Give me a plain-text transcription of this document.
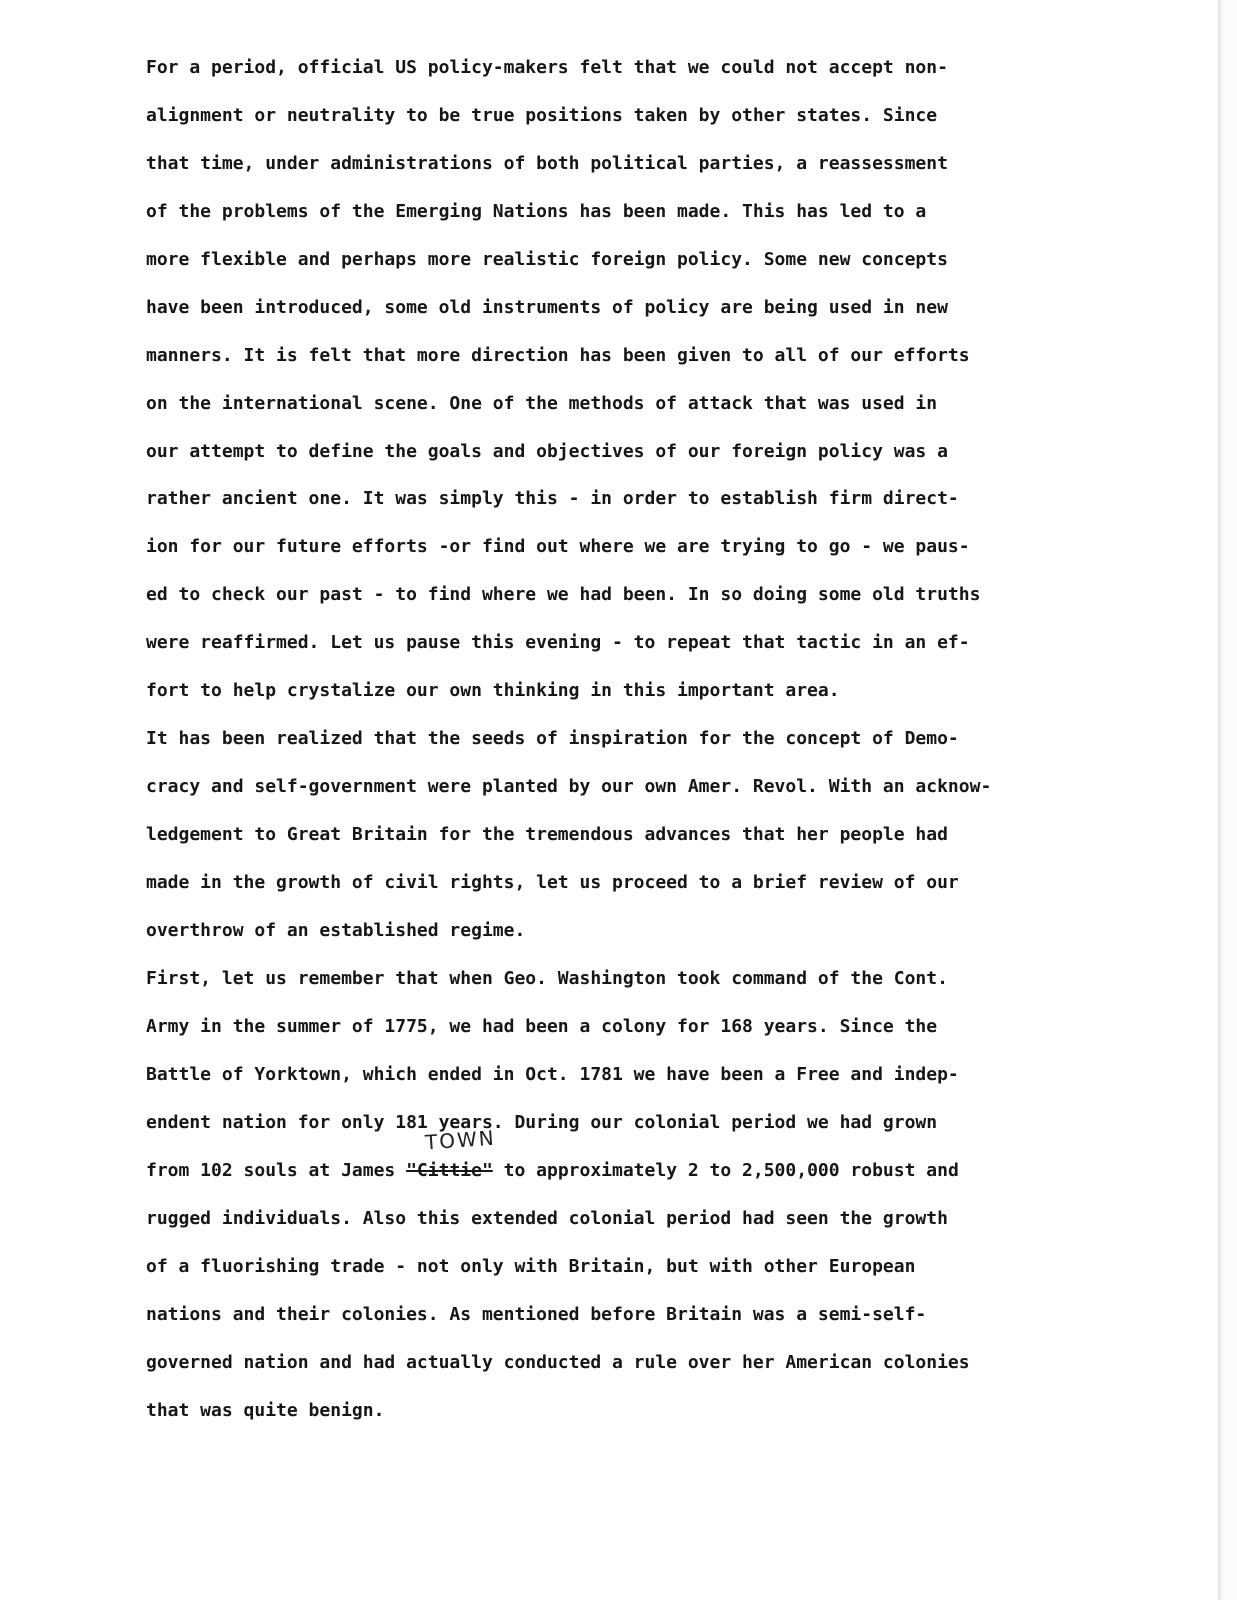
For a period, official US policy-makers felt that we could not accept non-

alignment or neutrality to be true positions taken by other states. Since

that time, under administrations of both political parties, a reassessment

of the problems of the Emerging Nations has been made. This has led to a

more flexible and perhaps more realistic foreign policy. Some new concepts

have been introduced, some old instruments of policy are being used in new

manners. It is felt that more direction has been given to all of our efforts

on the international scene. One of the methods of attack that was used in

our attempt to define the goals and objectives of our foreign policy was a

rather ancient one. It was simply this - in order to establish firm direct-

ion for our future efforts -or find out where we are trying to go - we paus-

ed to check our past - to find where we had been. In so doing some old truths

were reaffirmed. Let us pause this evening - to repeat that tactic in an ef-

fort to help crystalize our own thinking in this important area.

It has been realized that the seeds of inspiration for the concept of Demo-

cracy and self-government were planted by our own Amer. Revol. With an acknow-

ledgement to Great Britain for the tremendous advances that her people had

made in the growth of civil rights, let us proceed to a brief review of our

overthrow of an established regime.

First, let us remember that when Geo. Washington took command of the Cont.

Army in the summer of 1775, we had been a colony for 168 years. Since the

Battle of Yorktown, which ended in Oct. 1781 we have been a Free and indep-

endent nation for only 181 years. During our colonial period we had grown

TOWN

from 102 souls at James "Cittie" to approximately 2 to 2,500,000 robust and

rugged individuals. Also this extended colonial period had seen the growth

of a fluorishing trade - not only with Britain, but with other European

nations and their colonies. As mentioned before Britain was a semi-self-

governed nation and had actually conducted a rule over her American colonies

that was quite benign.
